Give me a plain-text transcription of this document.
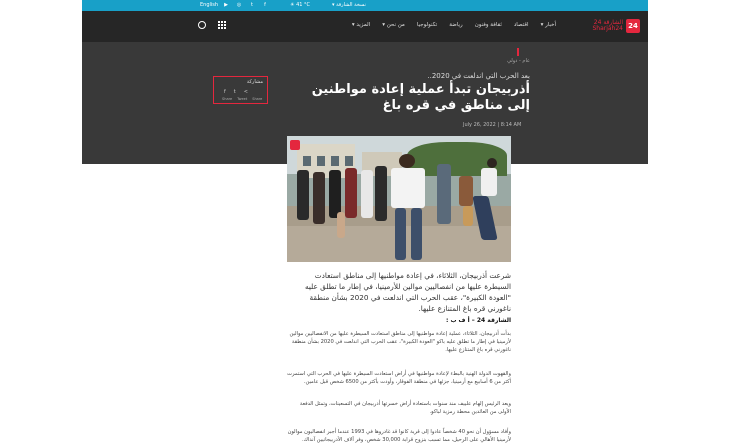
English	▶	◎	t	f	☀ 41 °C	▾ نسخة الشارقة
الشارقة 24
Sharjah24 24
أخبار ▾
اقتصاد
ثقافة وفنون
رياضة
تكنولوجيا
من نحن ▾
المزيد ▾
عام - دولي
بعد الحرب التي اندلعت في 2020..
أذربيجان تبدأ عملية إعادة مواطنين إلى مناطق في قره باغ
مشاركة
f t <
Share Tweet Share
July 26, 2022 | 8:14 AM

شرعت أذربيجان، الثلاثاء، في إعادة مواطنيها إلى مناطق استعادت السيطرة عليها من انفصاليين موالين للأرمينيا، في إطار ما تطلق عليه "العودة الكبيرة"، عقب الحرب التي اندلعت في 2020 بشأن منطقة ناغورني قره باغ المتنازع عليها.

الشارقة 24 – أ ف ب :

بدأت أذربيجان، الثلاثاء، عملية إعادة مواطنيها إلى مناطق استعادت السيطرة عليها من الانفصاليين موالين لأرمينيا في إطار ما تطلق عليه باكو "العودة الكبيرة"، عقب الحرب التي اندلعت في 2020 بشأن منطقة ناغورني قره باغ المتنازع عليها.

والقهوت الدولة الهنية بالبطء لإعادة مواطنيها في أراض استعادت السيطرة عليها في الحرب التي استمرت أكثر من 6 أسابيع مع أرمينيا، جزئها في منطقة الفوقار، وأودت بأكثر من 6500 شخص قبل عامين.

ويعد الرئيس إلهام علييف منذ سنوات باستعادة أراض خسرتها أذربيجان في التسعينات، وتمثل الدفعة الأولى من العائدين محطة رمزية لباكو.

وأفاد مسؤول أن نحو 40 شخصاً عادوا إلى قرية كانوا قد غادروها في 1993 عندما أجبر انفصاليون موالون لأرمينيا الأهالي على الرحيل، مما تسبب بنزوح قرابة 30,000 شخص، وفر آلاف الأذربيجانيين آنذاك.
